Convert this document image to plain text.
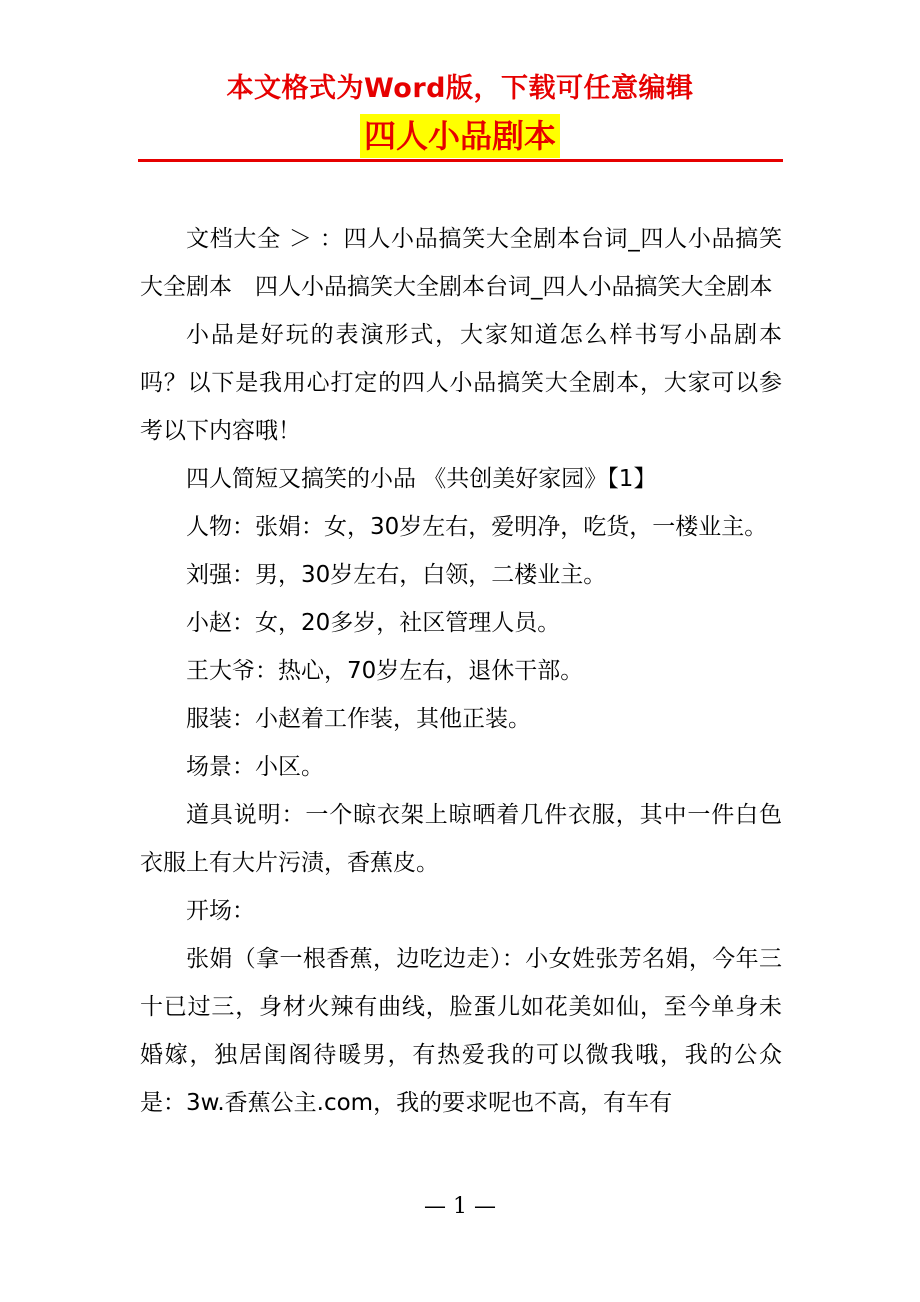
本文格式为Word版，下载可任意编辑
四人小品剧本

文档大全 ＞ ：四人小品搞笑大全剧本台词_四人小品搞笑大全剧本　四人小品搞笑大全剧本台词_四人小品搞笑大全剧本

小品是好玩的表演形式，大家知道怎么样书写小品剧本吗？以下是我用心打定的四人小品搞笑大全剧本，大家可以参考以下内容哦！

四人简短又搞笑的小品 《共创美好家园》【1】

人物：张娟：女，30岁左右，爱明净，吃货，一楼业主。

刘强：男，30岁左右，白领，二楼业主。

小赵：女，20多岁，社区管理人员。

王大爷：热心，70岁左右，退休干部。

服装：小赵着工作装，其他正装。

场景：小区。

道具说明：一个晾衣架上晾晒着几件衣服，其中一件白色衣服上有大片污渍，香蕉皮。

开场：

张娟（拿一根香蕉，边吃边走）：小女姓张芳名娟，今年三十已过三，身材火辣有曲线，脸蛋儿如花美如仙，至今单身未婚嫁，独居闺阁待暖男，有热爱我的可以微我哦，我的公众是：3w.香蕉公主.com，我的要求呢也不高，有车有

— 1 —
